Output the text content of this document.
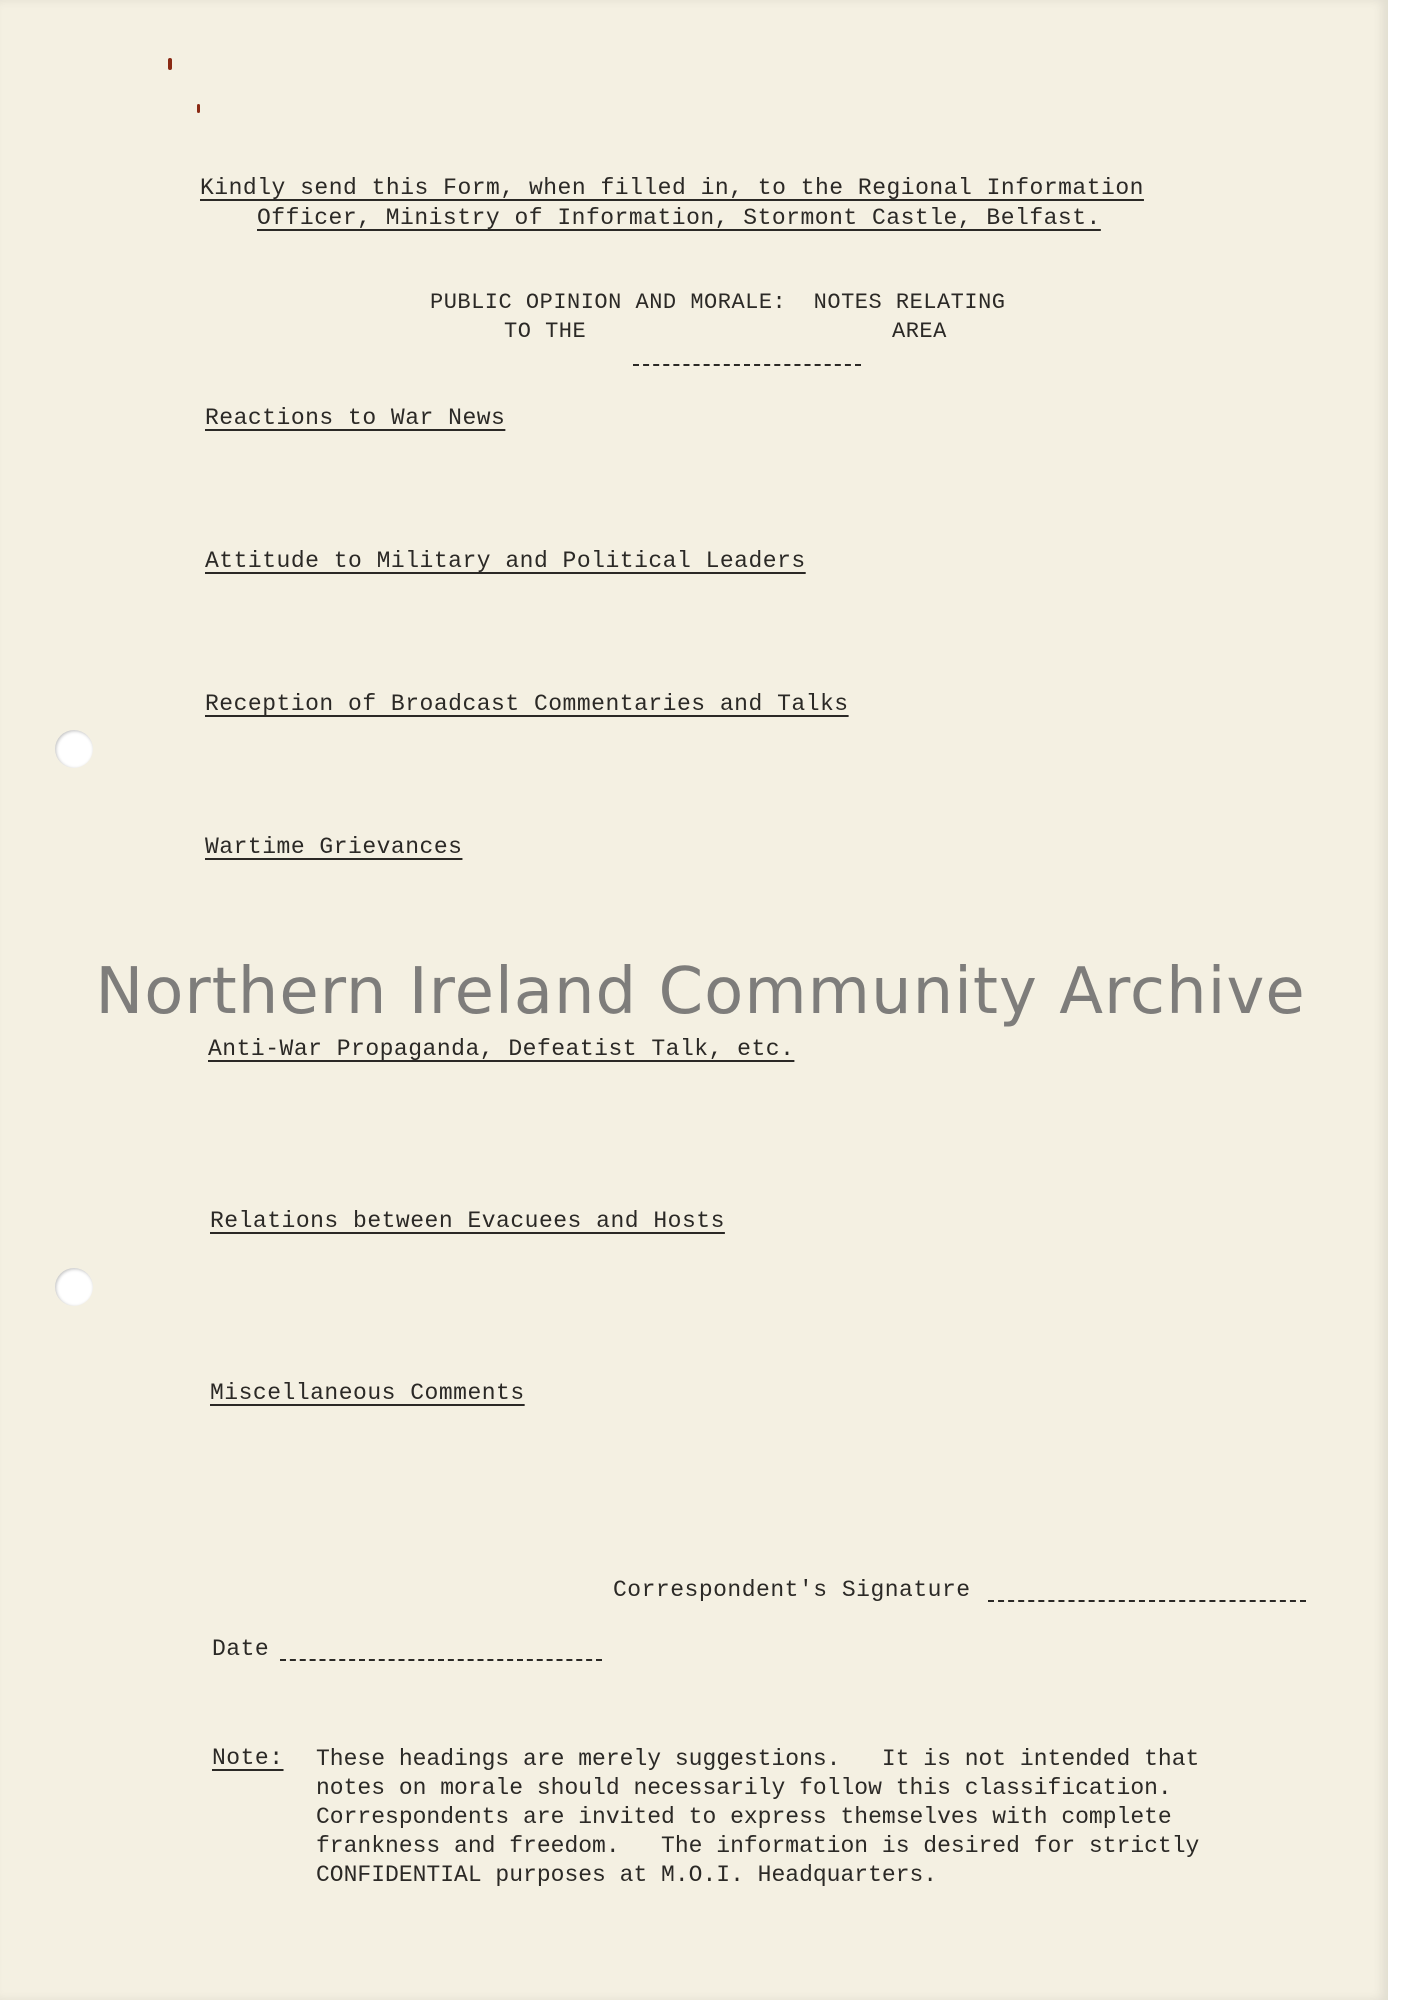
Kindly send this Form, when filled in, to the Regional Information
Officer, Ministry of Information, Stormont Castle, Belfast.
PUBLIC OPINION AND MORALE:  NOTES RELATING
TO THE	AREA
Reactions to War News
Attitude to Military and Political Leaders
Reception of Broadcast Commentaries and Talks
Wartime Grievances
Anti-War Propaganda, Defeatist Talk, etc.
Relations between Evacuees and Hosts
Miscellaneous Comments
Correspondent's Signature
Date
Note: These headings are merely suggestions.   It is not intended that
notes on morale should necessarily follow this classification.
Correspondents are invited to express themselves with complete
frankness and freedom.   The information is desired for strictly
CONFIDENTIAL purposes at M.O.I. Headquarters.
Northern Ireland Community Archive
